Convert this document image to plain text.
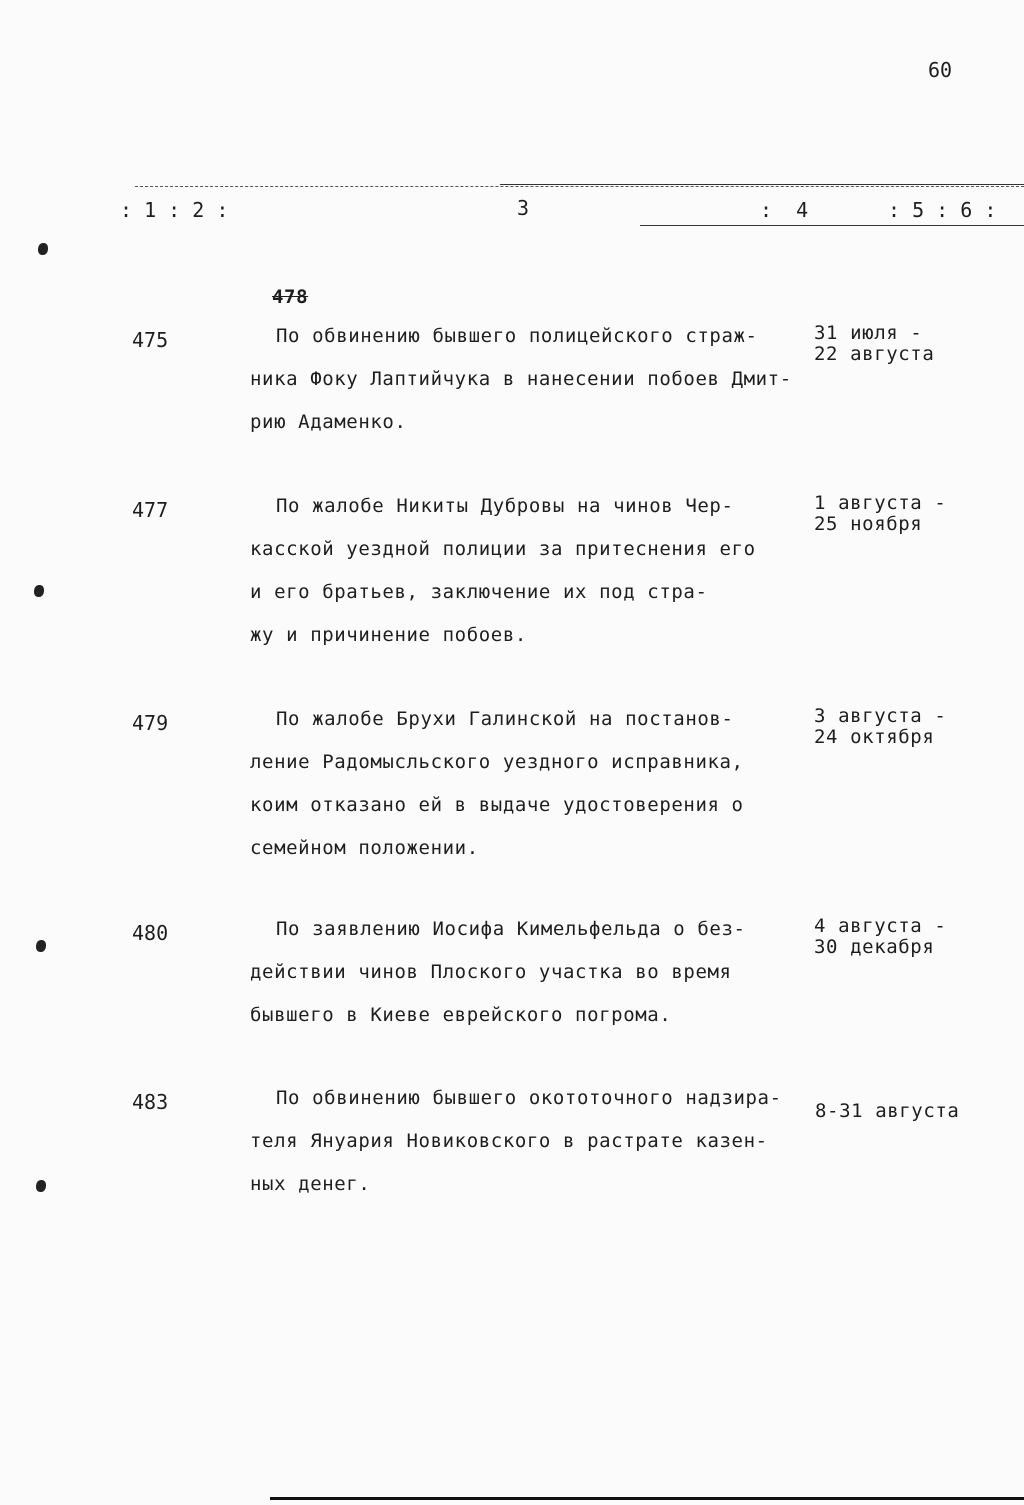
60
: 1 : 2 :	3	:  4	: 5 : 6 :
478
475	По обвинению бывшего полицейского страж-
ника Фоку Лаптийчука в нанесении побоев Дмит-
рию Адаменко.
31 июля -
22 августа
477	По жалобе Никиты Дубровы на чинов Чер-
касской уездной полиции за притеснения его
и его братьев, заключение их под стра-
жу и причинение побоев.
1 августа -
25 ноября
479	По жалобе Брухи Галинской на постанов-
ление Радомысльского уездного исправника,
коим отказано ей в выдаче удостоверения о
семейном положении.
3 августа -
24 октября
480	По заявлению Иосифа Кимельфельда о без-
действии чинов Плоского участка во время
бывшего в Киеве еврейского погрома.
4 августа -
30 декабря
483	По обвинению бывшего окототочного надзира-
теля Януария Новиковского в растрате казен-
ных денег.
8-31 августа
